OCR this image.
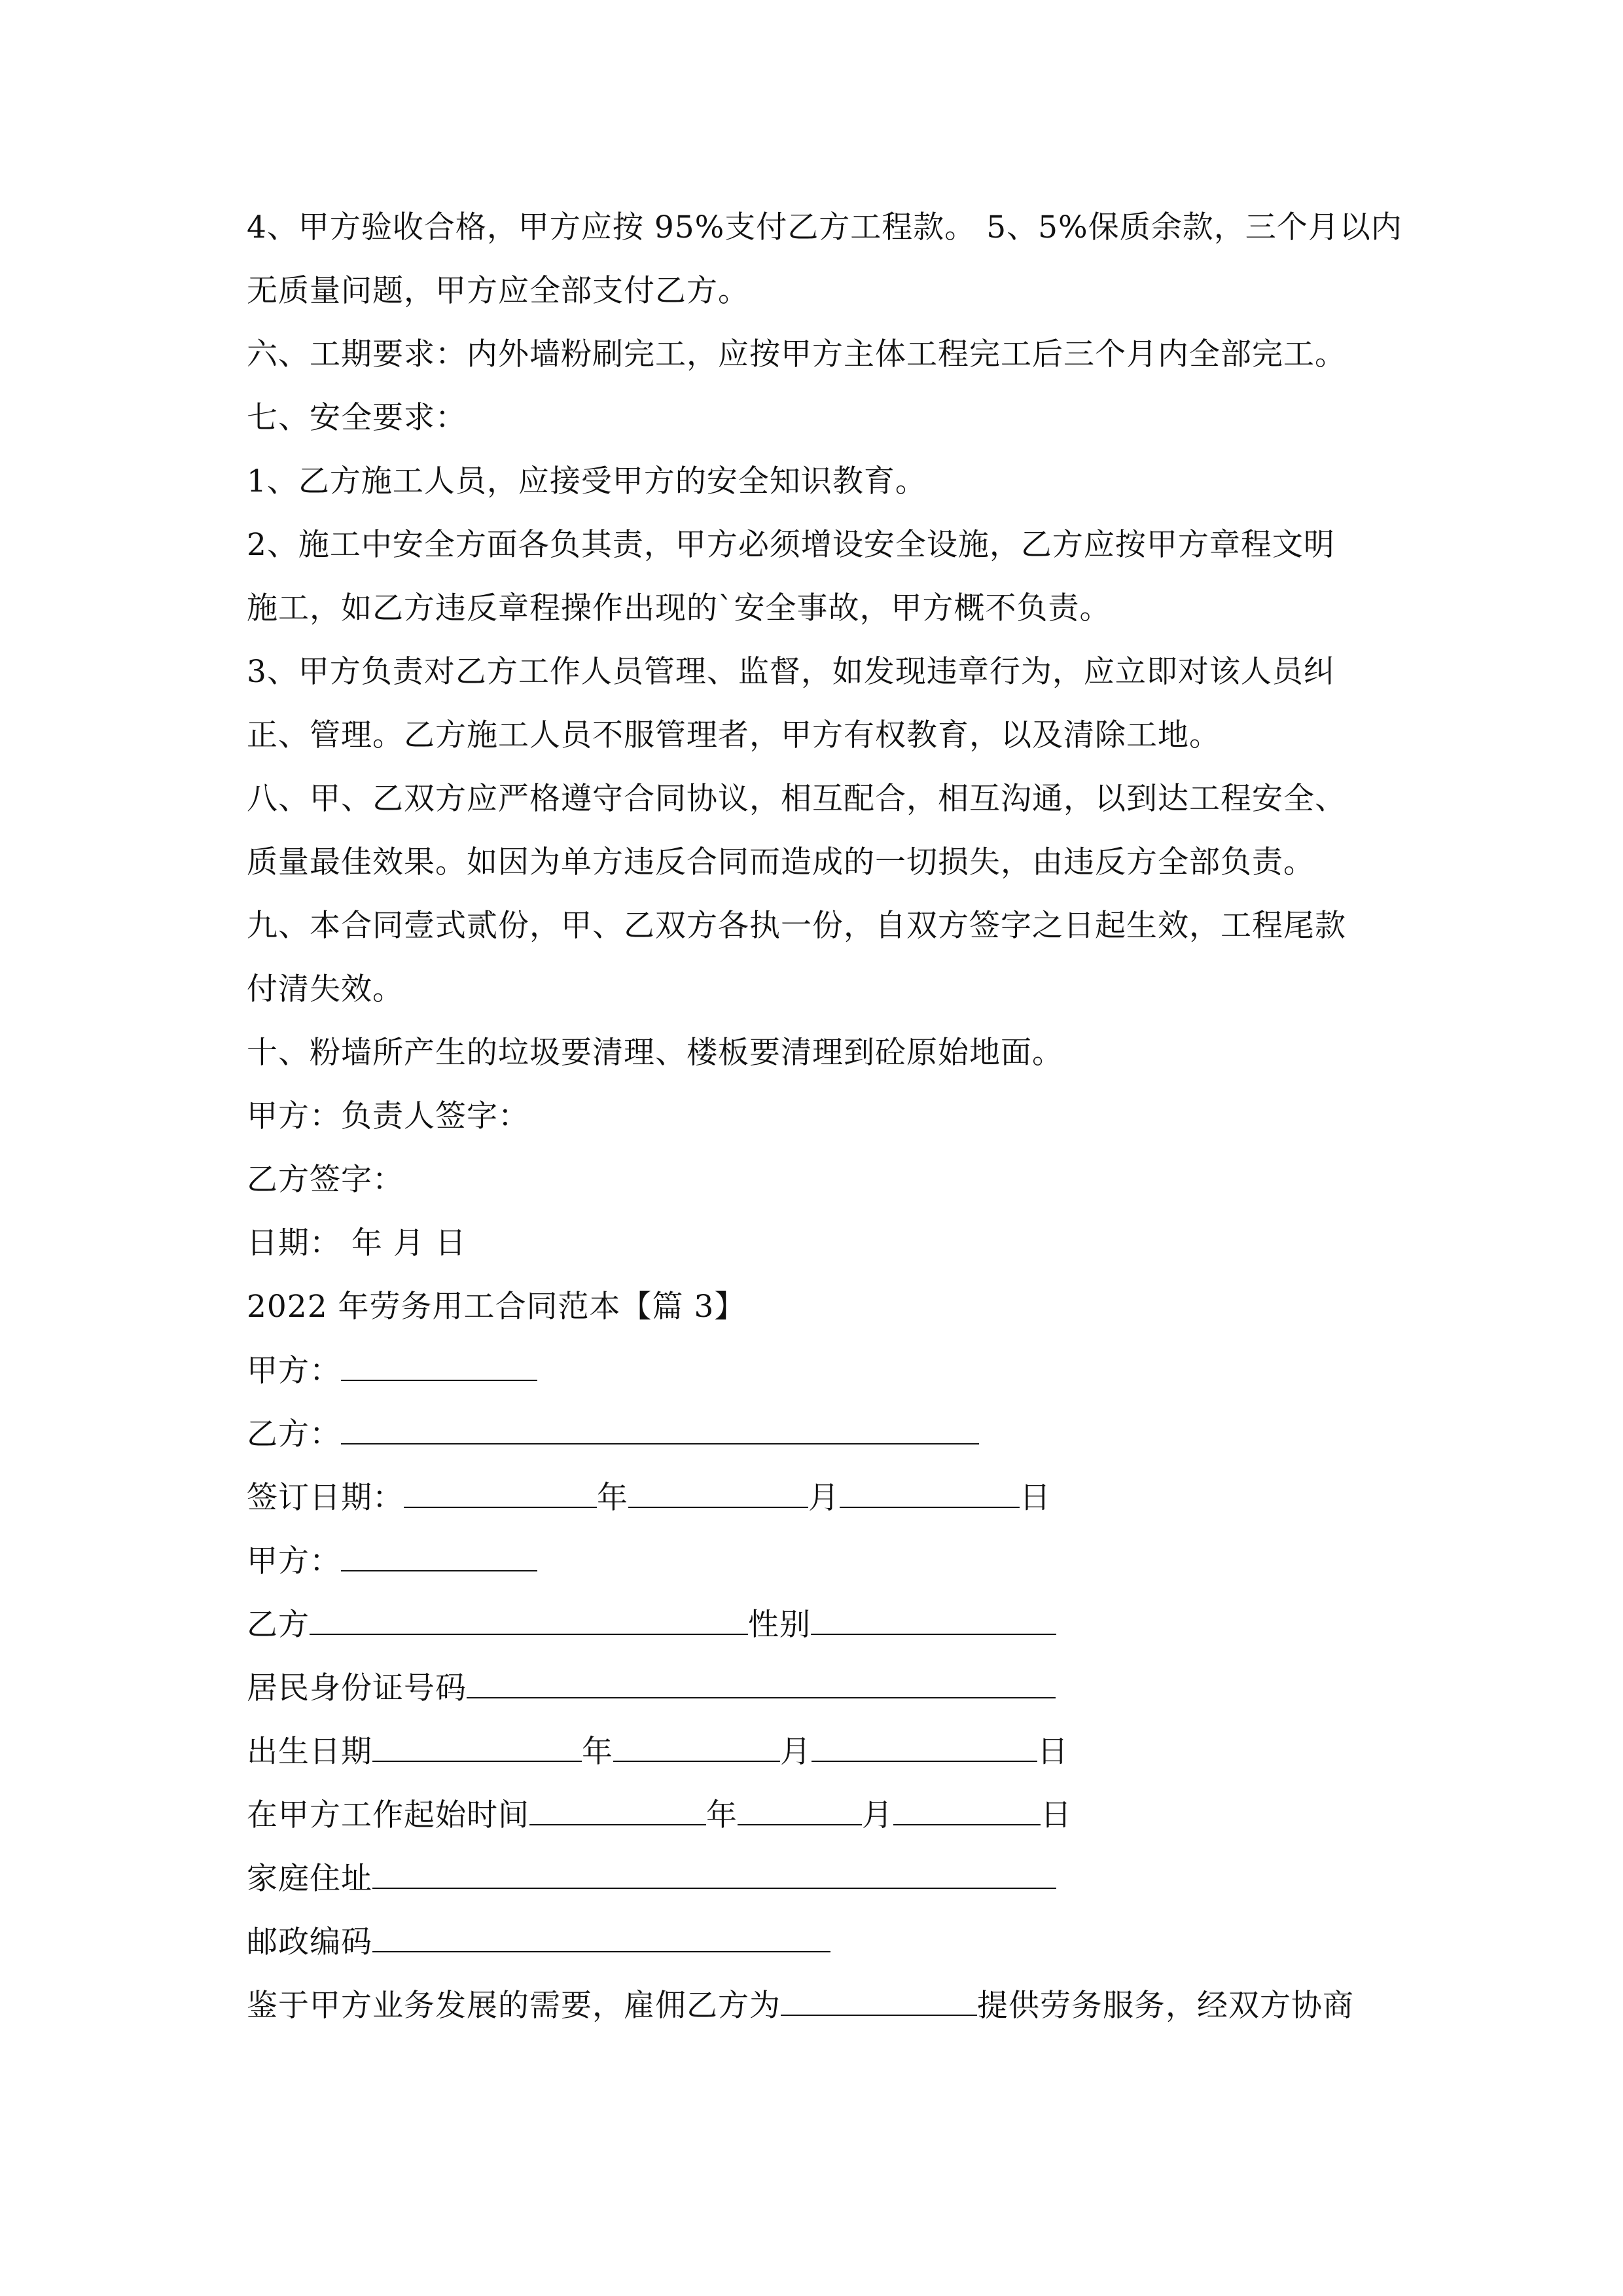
4、甲方验收合格，甲方应按 95%支付乙方工程款。 5、5%保质余款，三个月以内
无质量问题，甲方应全部支付乙方。
六、工期要求：内外墙粉刷完工，应按甲方主体工程完工后三个月内全部完工。
七、安全要求：
1、乙方施工人员，应接受甲方的安全知识教育。
2、施工中安全方面各负其责，甲方必须增设安全设施，乙方应按甲方章程文明
施工，如乙方违反章程操作出现的`安全事故，甲方概不负责。
3、甲方负责对乙方工作人员管理、监督，如发现违章行为，应立即对该人员纠
正、管理。乙方施工人员不服管理者，甲方有权教育，以及清除工地。
八、甲、乙双方应严格遵守合同协议，相互配合，相互沟通，以到达工程安全、
质量最佳效果。如因为单方违反合同而造成的一切损失，由违反方全部负责。
九、本合同壹式贰份，甲、乙双方各执一份，自双方签字之日起生效，工程尾款
付清失效。
十、粉墙所产生的垃圾要清理、楼板要清理到砼原始地面。
甲方：负责人签字：
乙方签字：
日期： 年 月 日
2022 年劳务用工合同范本【篇 3】
甲方：
乙方：
签订日期：	年	月	日
甲方：
乙方	性别
居民身份证号码
出生日期	年	月	日
在甲方工作起始时间	年	月	日
家庭住址
邮政编码
鉴于甲方业务发展的需要，雇佣乙方为	提供劳务服务，经双方协商
